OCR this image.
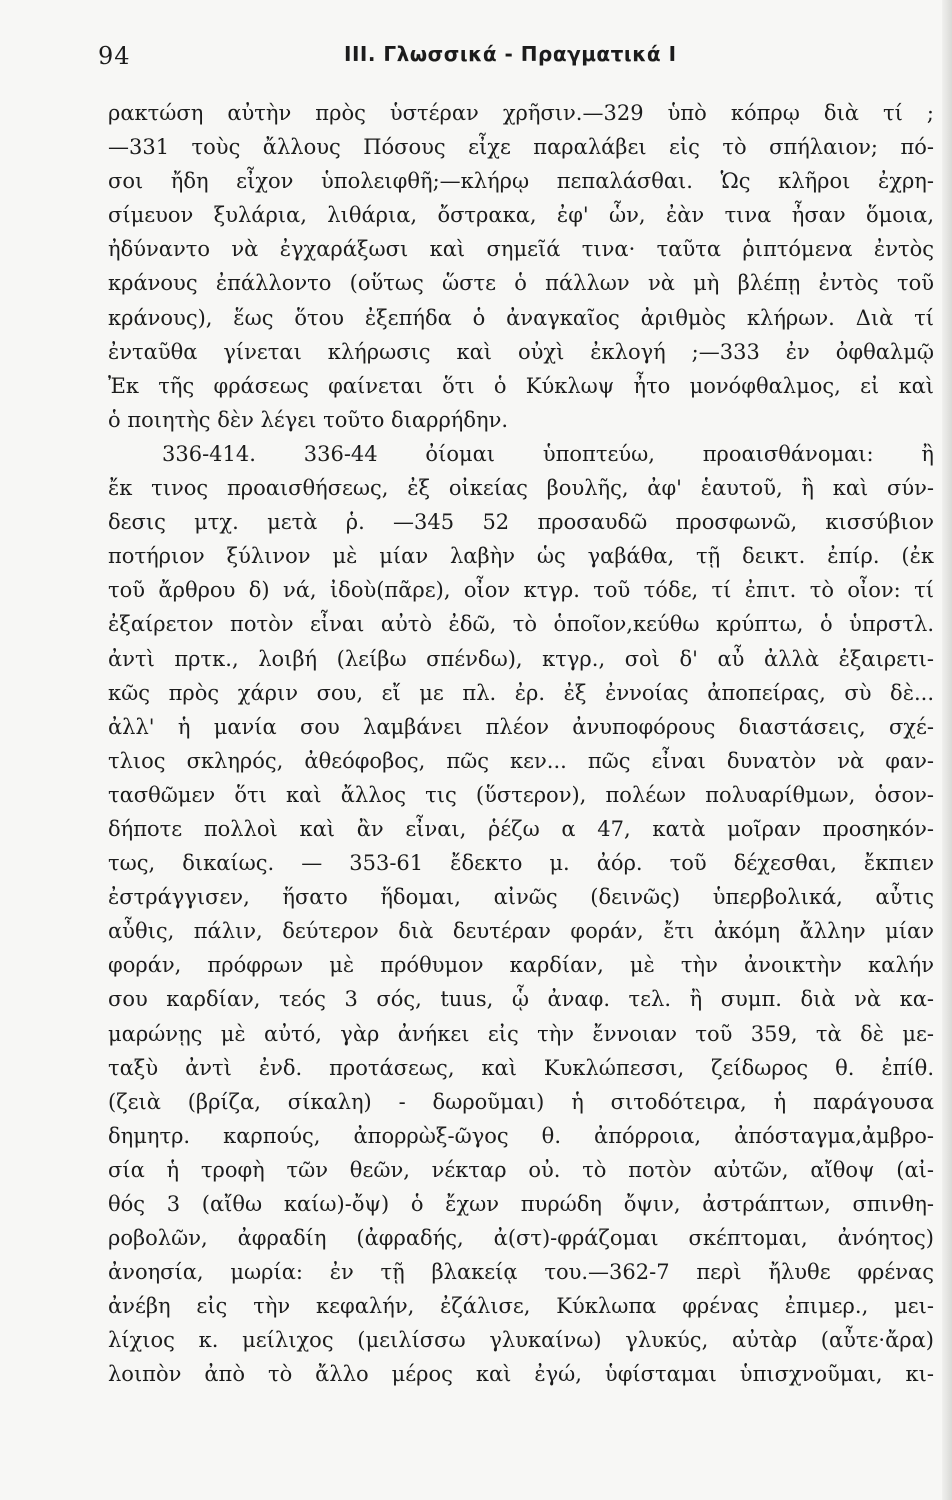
94	ΙΙΙ. Γλωσσικά - Πραγματικά Ι
ρακτώση αὐτὴν πρὸς ὑστέραν χρῆσιν.—329 ὑπὸ κόπρῳ διὰ τί ;
—331 τοὺς ἄλλους Πόσους εἶχε παραλάβει εἰς τὸ σπήλαιον; πό-
σοι ἤδη εἶχον ὑπολειφθῆ;—κλήρῳ πεπαλάσθαι. Ὡς κλῆροι ἐχρη-
σίμευον ξυλάρια, λιθάρια, ὄστρακα, ἐφ' ὧν, ἐὰν τινα ἦσαν ὅμοια,
ἠδύναντο νὰ ἐγχαράξωσι καὶ σημεῖά τινα· ταῦτα ῥιπτόμενα ἐντὸς
κράνους ἐπάλλοντο (οὕτως ὥστε ὁ πάλλων νὰ μὴ βλέπῃ ἐντὸς τοῦ
κράνους), ἕως ὅτου ἐξεπήδα ὁ ἀναγκαῖος ἀριθμὸς κλήρων. Διὰ τί
ἐνταῦθα γίνεται κλήρωσις καὶ οὐχὶ ἐκλογή ;—333 ἐν ὀφθαλμῷ
Ἐκ τῆς φράσεως φαίνεται ὅτι ὁ Κύκλωψ ἦτο μονόφθαλμος, εἰ καὶ
ὁ ποιητὴς δὲν λέγει τοῦτο διαρρήδην.
336-414. 336-44 ὀίομαι ὑποπτεύω, προαισθάνομαι: ἢ
ἔκ τινος προαισθήσεως, ἐξ οἰκείας βουλῆς, ἀφ' ἑαυτοῦ, ἢ καὶ σύν-
δεσις μτχ. μετὰ ῥ. —345 52 προσαυδῶ προσφωνῶ, κισσύβιον
ποτήριον ξύλινον μὲ μίαν λαβὴν ὡς γαβάθα, τῇ δεικτ. ἐπίρ. (ἐκ
τοῦ ἄρθρου δ) νά, ἰδοὺ(πᾶρε), οἶον κτγρ. τοῦ τόδε, τί ἐπιτ. τὸ οἶον: τί
ἐξαίρετον ποτὸν εἶναι αὐτὸ ἐδῶ, τὸ ὁποῖον,κεύθω κρύπτω, ὁ ὑπρστλ.
ἀντὶ πρτκ., λοιβή (λείβω σπένδω), κτγρ., σοὶ δ' αὖ ἀλλὰ ἐξαιρετι-
κῶς πρὸς χάριν σου, εἴ με πλ. ἐρ. ἐξ ἐννοίας ἀποπείρας, σὺ δὲ...
ἀλλ' ἡ μανία σου λαμβάνει πλέον ἀνυποφόρους διαστάσεις, σχέ-
τλιος σκληρός, ἀθεόφοβος, πῶς κεν... πῶς εἶναι δυνατὸν νὰ φαν-
τασθῶμεν ὅτι καὶ ἄλλος τις (ὕστερον), πολέων πολυαρίθμων, ὁσον-
δήποτε πολλοὶ καὶ ἂν εἶναι, ῥέζω α 47, κατὰ μοῖραν προσηκόν-
τως, δικαίως. — 353-61 ἔδεκτο μ. ἀόρ. τοῦ δέχεσθαι, ἔκπιεν
ἐστράγγισεν, ἥσατο ἥδομαι, αἰνῶς (δεινῶς) ὑπερβολικά, αὖτις
αὖθις, πάλιν, δεύτερον διὰ δευτέραν φοράν, ἔτι ἀκόμη ἄλλην μίαν
φοράν, πρόφρων μὲ πρόθυμον καρδίαν, μὲ τὴν ἀνοικτὴν καλήν
σου καρδίαν, τεός 3 σός, tuus, ᾧ ἀναφ. τελ. ἢ συμπ. διὰ νὰ κα-
μαρώνῃς μὲ αὐτό, γὰρ ἀνήκει εἰς τὴν ἔννοιαν τοῦ 359, τὰ δὲ με-
ταξὺ ἀντὶ ἐνδ. προτάσεως, καὶ Κυκλώπεσσι, ζείδωρος θ. ἐπίθ.
(ζειὰ (βρίζα, σίκαλη) - δωροῦμαι) ἡ σιτοδότειρα, ἡ παράγουσα
δημητρ. καρπούς, ἀπορρὼξ-ῶγος θ. ἀπόρροια, ἀπόσταγμα,ἀμβρο-
σία ἡ τροφὴ τῶν θεῶν, νέκταρ οὐ. τὸ ποτὸν αὐτῶν, αἴθοψ (αἰ-
θός 3 (αἴθω καίω)-ὄψ) ὁ ἔχων πυρώδη ὄψιν, ἀστράπτων, σπινθη-
ροβολῶν, ἀφραδίη (ἀφραδής, ἀ(στ)-φράζομαι σκέπτομαι, ἀνόητος)
ἀνοησία, μωρία: ἐν τῇ βλακείᾳ του.—362-7 περὶ ἤλυθε φρένας
ἀνέβη εἰς τὴν κεφαλήν, ἐζάλισε, Κύκλωπα φρένας ἐπιμερ., μει-
λίχιος κ. μείλιχος (μειλίσσω γλυκαίνω) γλυκύς, αὐτὰρ (αὖτε·ἄρα)
λοιπὸν ἀπὸ τὸ ἄλλο μέρος καὶ ἐγώ, ὑφίσταμαι ὑπισχνοῦμαι, κι-
